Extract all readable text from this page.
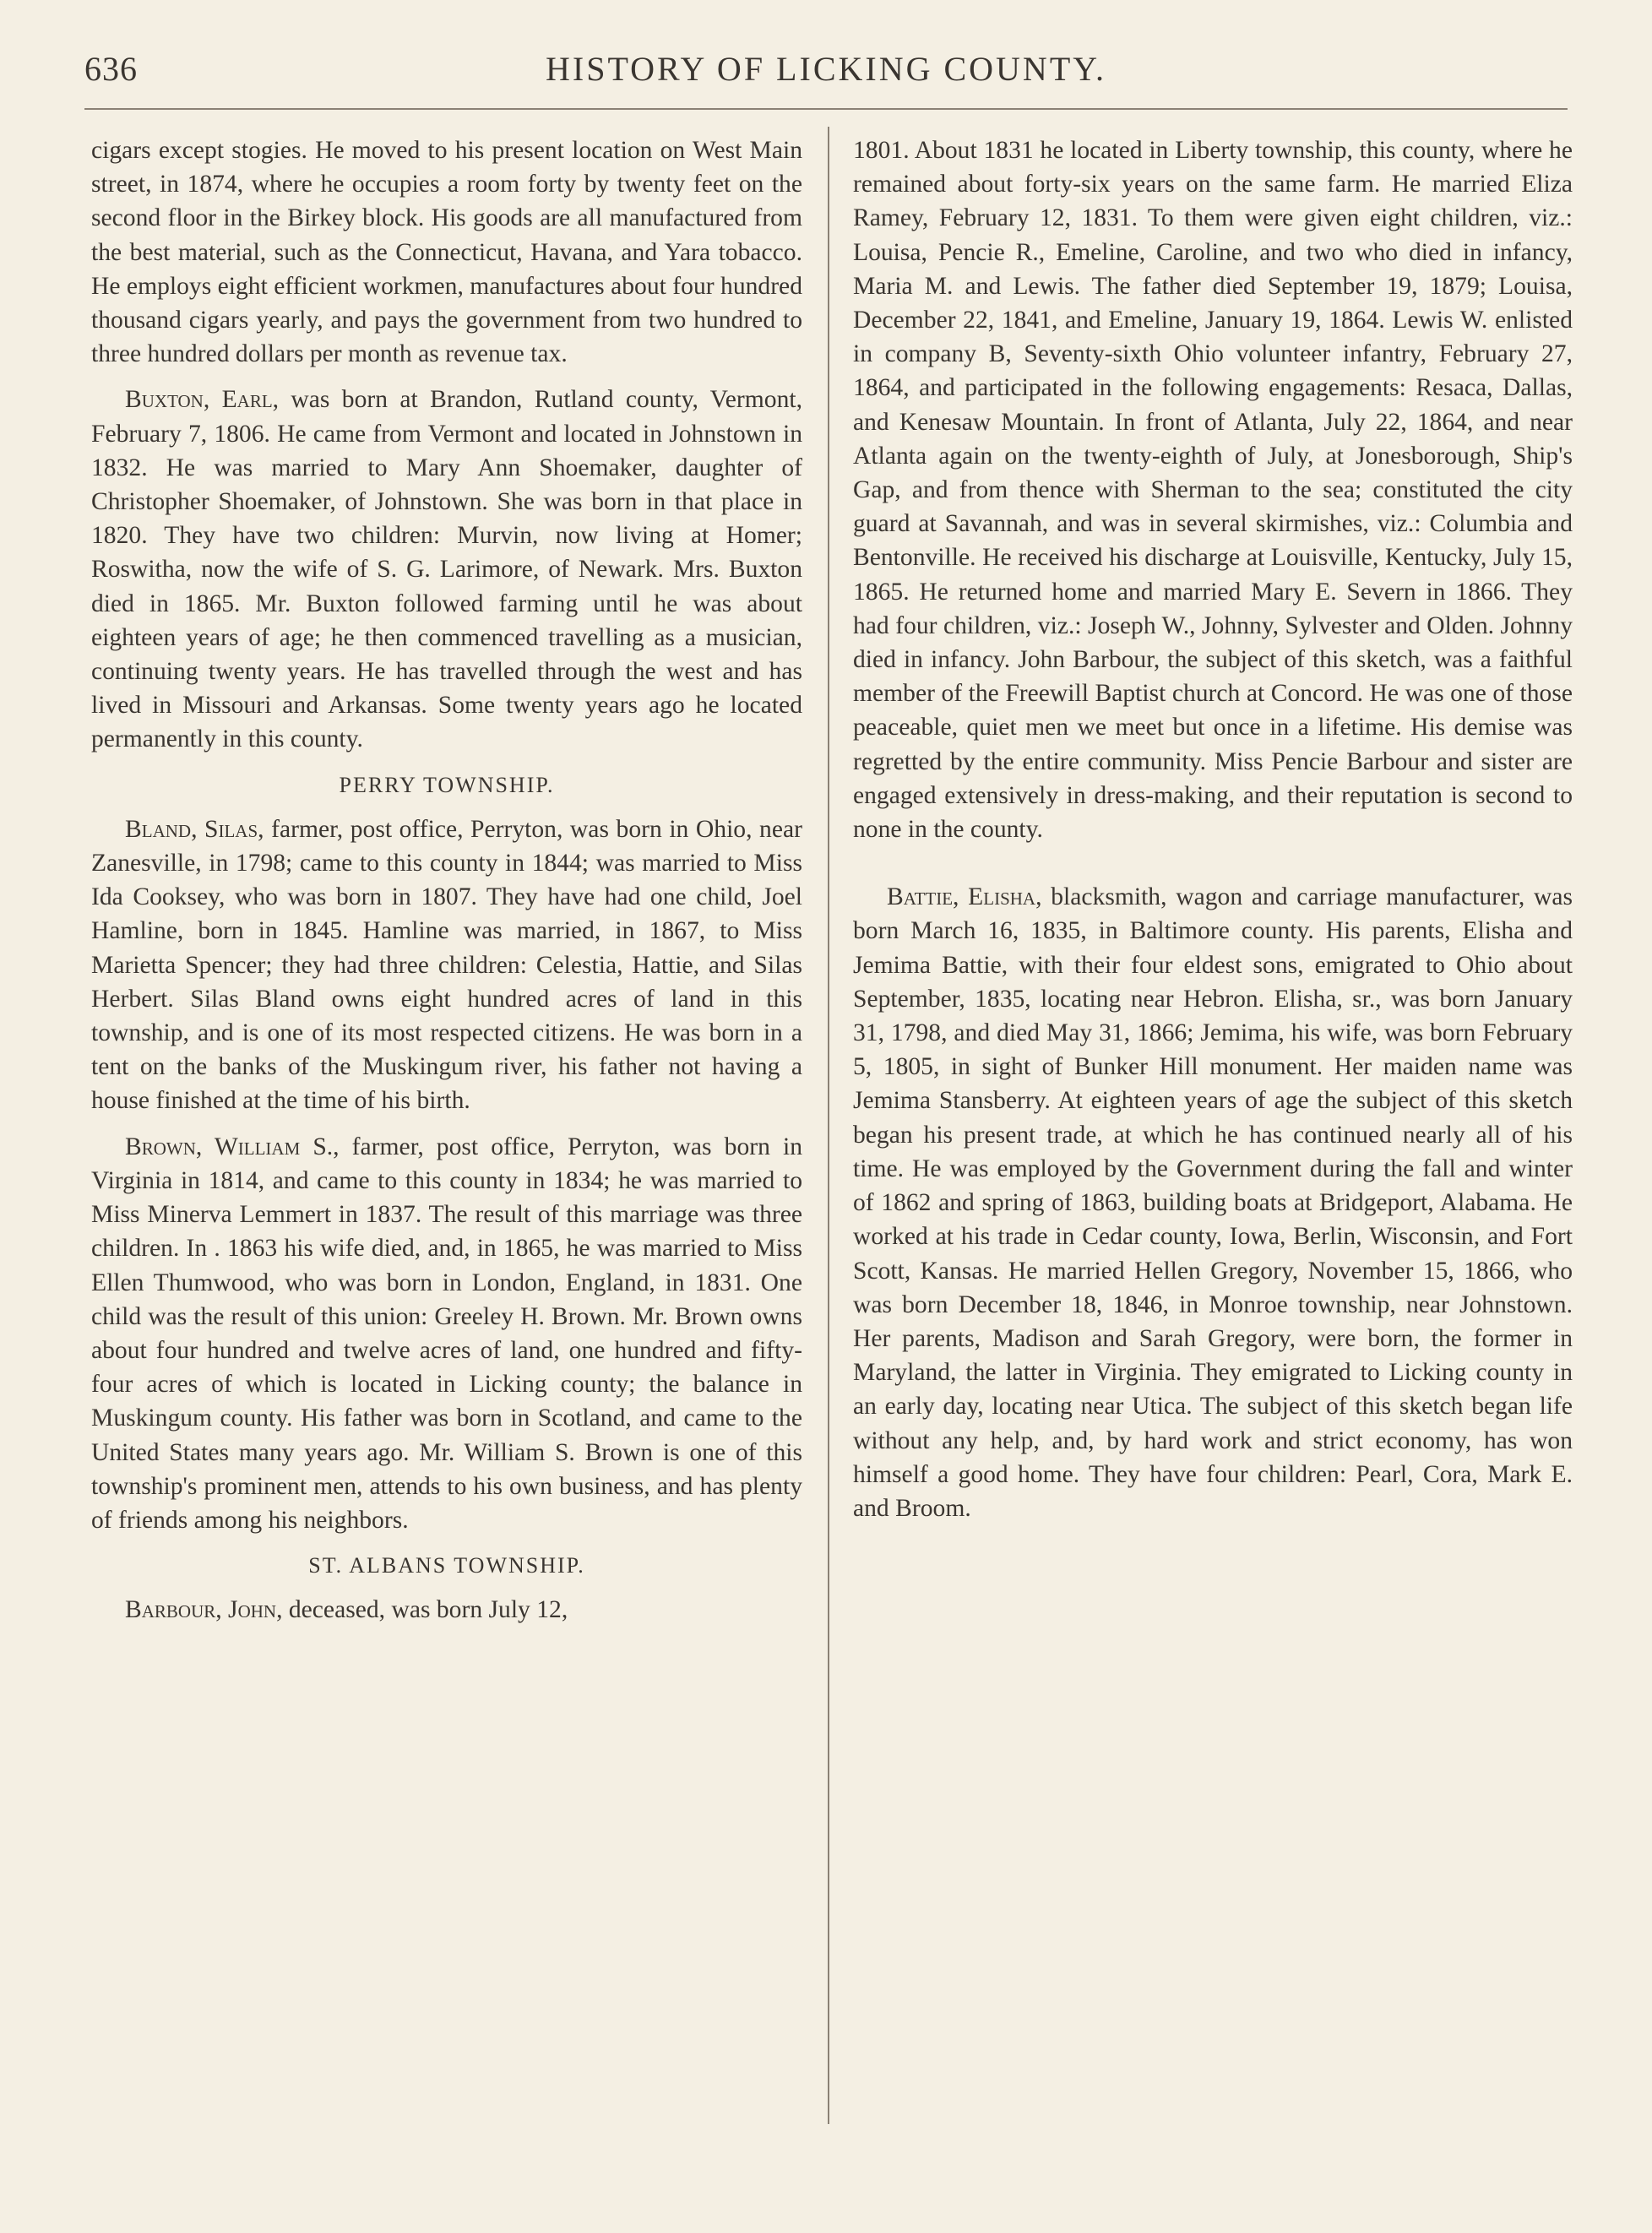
636	HISTORY OF LICKING COUNTY.

cigars except stogies. He moved to his present location on West Main street, in 1874, where he occupies a room forty by twenty feet on the second floor in the Birkey block. His goods are all manufactured from the best material, such as the Connecticut, Havana, and Yara tobacco. He employs eight efficient workmen, manufactures about four hundred thousand cigars yearly, and pays the government from two hundred to three hundred dollars per month as revenue tax.

Buxton, Earl, was born at Brandon, Rutland county, Vermont, February 7, 1806. He came from Vermont and located in Johnstown in 1832. He was married to Mary Ann Shoemaker, daughter of Christopher Shoemaker, of Johnstown. She was born in that place in 1820. They have two children: Murvin, now living at Homer; Roswitha, now the wife of S. G. Larimore, of Newark. Mrs. Buxton died in 1865. Mr. Buxton followed farming until he was about eighteen years of age; he then commenced travelling as a musician, continuing twenty years. He has travelled through the west and has lived in Missouri and Arkansas. Some twenty years ago he located permanently in this county.

PERRY TOWNSHIP.

Bland, Silas, farmer, post office, Perryton, was born in Ohio, near Zanesville, in 1798; came to this county in 1844; was married to Miss Ida Cooksey, who was born in 1807. They have had one child, Joel Hamline, born in 1845. Hamline was married, in 1867, to Miss Marietta Spencer; they had three children: Celestia, Hattie, and Silas Herbert. Silas Bland owns eight hundred acres of land in this township, and is one of its most respected citizens. He was born in a tent on the banks of the Muskingum river, his father not having a house finished at the time of his birth.

Brown, William S., farmer, post office, Perryton, was born in Virginia in 1814, and came to this county in 1834; he was married to Miss Minerva Lemmert in 1837. The result of this marriage was three children. In . 1863 his wife died, and, in 1865, he was married to Miss Ellen Thumwood, who was born in London, England, in 1831. One child was the result of this union: Greeley H. Brown. Mr. Brown owns about four hundred and twelve acres of land, one hundred and fifty-four acres of which is located in Licking county; the balance in Muskingum county. His father was born in Scotland, and came to the United States many years ago. Mr. William S. Brown is one of this township's prominent men, attends to his own business, and has plenty of friends among his neighbors.

ST. ALBANS TOWNSHIP.

Barbour, John, deceased, was born July 12,

1801. About 1831 he located in Liberty township, this county, where he remained about forty-six years on the same farm. He married Eliza Ramey, February 12, 1831. To them were given eight children, viz.: Louisa, Pencie R., Emeline, Caroline, and two who died in infancy, Maria M. and Lewis. The father died September 19, 1879; Louisa, December 22, 1841, and Emeline, January 19, 1864. Lewis W. enlisted in company B, Seventy-sixth Ohio volunteer infantry, February 27, 1864, and participated in the following engagements: Resaca, Dallas, and Kenesaw Mountain. In front of Atlanta, July 22, 1864, and near Atlanta again on the twenty-eighth of July, at Jonesborough, Ship's Gap, and from thence with Sherman to the sea; constituted the city guard at Savannah, and was in several skirmishes, viz.: Columbia and Bentonville. He received his discharge at Louisville, Kentucky, July 15, 1865. He returned home and married Mary E. Severn in 1866. They had four children, viz.: Joseph W., Johnny, Sylvester and Olden. Johnny died in infancy. John Barbour, the subject of this sketch, was a faithful member of the Freewill Baptist church at Concord. He was one of those peaceable, quiet men we meet but once in a lifetime. His demise was regretted by the entire community. Miss Pencie Barbour and sister are engaged extensively in dress-making, and their reputation is second to none in the county.

Battie, Elisha, blacksmith, wagon and carriage manufacturer, was born March 16, 1835, in Baltimore county. His parents, Elisha and Jemima Battie, with their four eldest sons, emigrated to Ohio about September, 1835, locating near Hebron. Elisha, sr., was born January 31, 1798, and died May 31, 1866; Jemima, his wife, was born February 5, 1805, in sight of Bunker Hill monument. Her maiden name was Jemima Stansberry. At eighteen years of age the subject of this sketch began his present trade, at which he has continued nearly all of his time. He was employed by the Government during the fall and winter of 1862 and spring of 1863, building boats at Bridgeport, Alabama. He worked at his trade in Cedar county, Iowa, Berlin, Wisconsin, and Fort Scott, Kansas. He married Hellen Gregory, November 15, 1866, who was born December 18, 1846, in Monroe township, near Johnstown. Her parents, Madison and Sarah Gregory, were born, the former in Maryland, the latter in Virginia. They emigrated to Licking county in an early day, locating near Utica. The subject of this sketch began life without any help, and, by hard work and strict economy, has won himself a good home. They have four children: Pearl, Cora, Mark E. and Broom.
